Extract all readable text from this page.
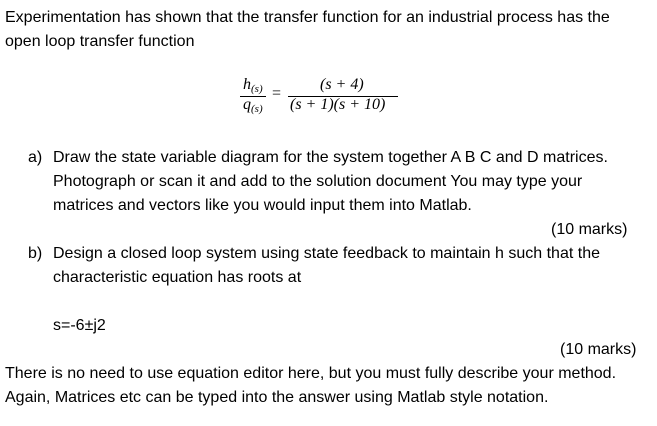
Experimentation has shown that the transfer function for an industrial process has the
open loop transfer function
$h_{(s)}$
$q_{(s)}$
=
(s + 4)
(s + 1)(s + 10)
a) Draw the state variable diagram for the system together A B C and D matrices.
Photograph or scan it and add to the solution document You may type your
matrices and vectors like you would input them into Matlab.
(10 marks)
b) Design a closed loop system using state feedback to maintain h such that the
characteristic equation has roots at
s=-6±j2
(10 marks)
There is no need to use equation editor here, but you must fully describe your method.
Again, Matrices etc can be typed into the answer using Matlab style notation.
